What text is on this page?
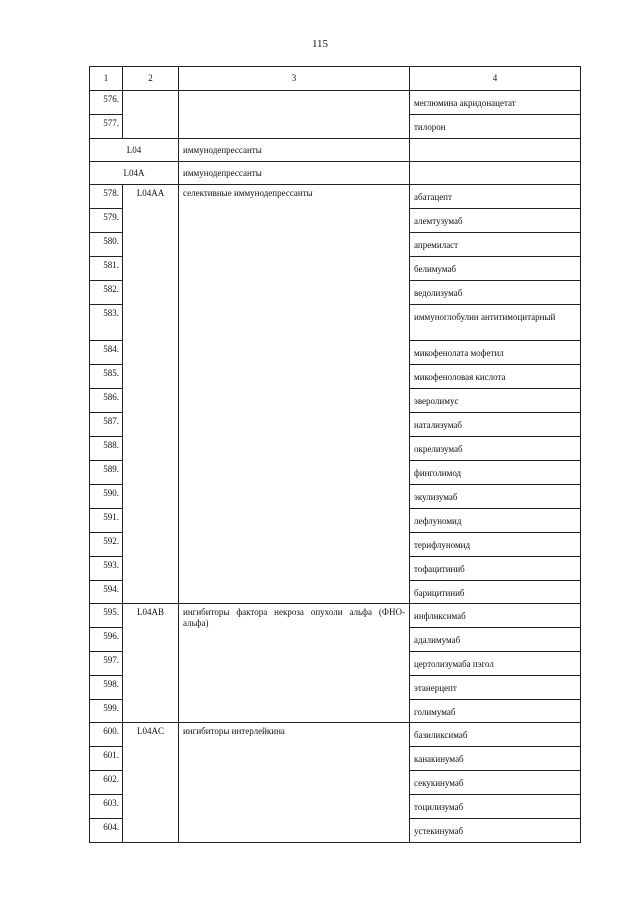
115
1	2	3	4
576.			меглюмина акридонацетат
577.			тилорон
L04		иммунодепрессанты	
L04A		иммунодепрессанты	
578.	L04AA	селективные иммунодепрессанты	абатацепт
579.			алемтузумаб
580.			апремиласт
581.			белимумаб
582.			ведолизумаб
583.			иммуноглобулин антитимоцитарный
584.			микофенолата мофетил
585.			микофеноловая кислота
586.			эверолимус
587.			натализумаб
588.			окрелизумаб
589.			финголимод
590.			экулизумаб
591.			лефлуномид
592.			терифлуномид
593.			тофацитиниб
594.			барицитиниб
595.	L04AB	ингибиторы фактора некроза опухоли альфа (ФНО-альфа)	инфликсимаб
596.			адалимумаб
597.			цертолизумаба пэгол
598.			этанерцепт
599.			голимумаб
600.	L04AC	ингибиторы интерлейкина	базиликсимаб
601.			канакинумаб
602.			секукинумаб
603.			тоцилизумаб
604.			устекинумаб
